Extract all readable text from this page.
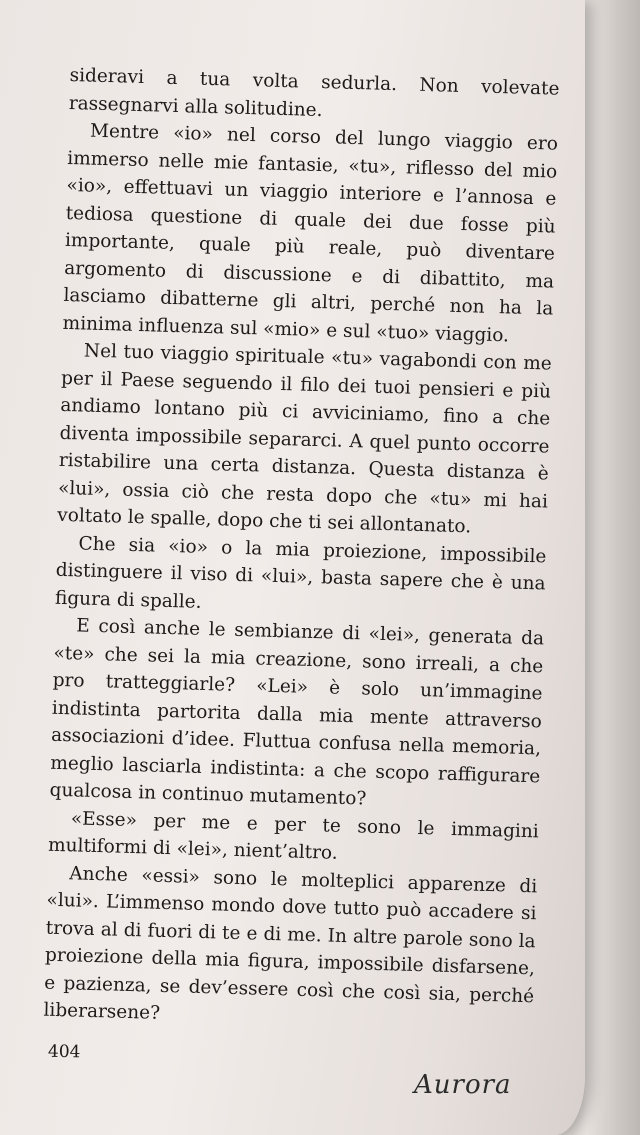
sideravi a tua volta sedurla. Non volevate rassegnarvi alla solitudine.

Mentre «io» nel corso del lungo viaggio ero immerso nelle mie fantasie, «tu», riflesso del mio «io», effettuavi un viaggio interiore e l’annosa e tediosa questione di quale dei due fosse più importante, quale più reale, può diventare argomento di discussione e di dibattito, ma lasciamo dibatterne gli altri, perché non ha la minima influenza sul «mio» e sul «tuo» viaggio.

Nel tuo viaggio spirituale «tu» vagabondi con me per il Paese seguendo il filo dei tuoi pensieri e più andiamo lontano più ci avviciniamo, fino a che diventa impossibile separarci. A quel punto occorre ristabilire una certa distanza. Questa distanza è «lui», ossia ciò che resta dopo che «tu» mi hai voltato le spalle, dopo che ti sei allontanato.

Che sia «io» o la mia proiezione, impossibile distinguere il viso di «lui», basta sapere che è una figura di spalle.

E così anche le sembianze di «lei», generata da «te» che sei la mia creazione, sono irreali, a che pro tratteggiarle? «Lei» è solo un’immagine indistinta partorita dalla mia mente attraverso associazioni d’idee. Fluttua confusa nella memoria, meglio lasciarla indistinta: a che scopo raffigurare qualcosa in continuo mutamento?

«Esse» per me e per te sono le immagini multiformi di «lei», nient’altro.

Anche «essi» sono le molteplici apparenze di «lui». L’immenso mondo dove tutto può accadere si trova al di fuori di te e di me. In altre parole sono la proiezione della mia figura, impossibile disfarsene, e pazienza, se dev’essere così che così sia, perché liberarsene?

404
Aurora
